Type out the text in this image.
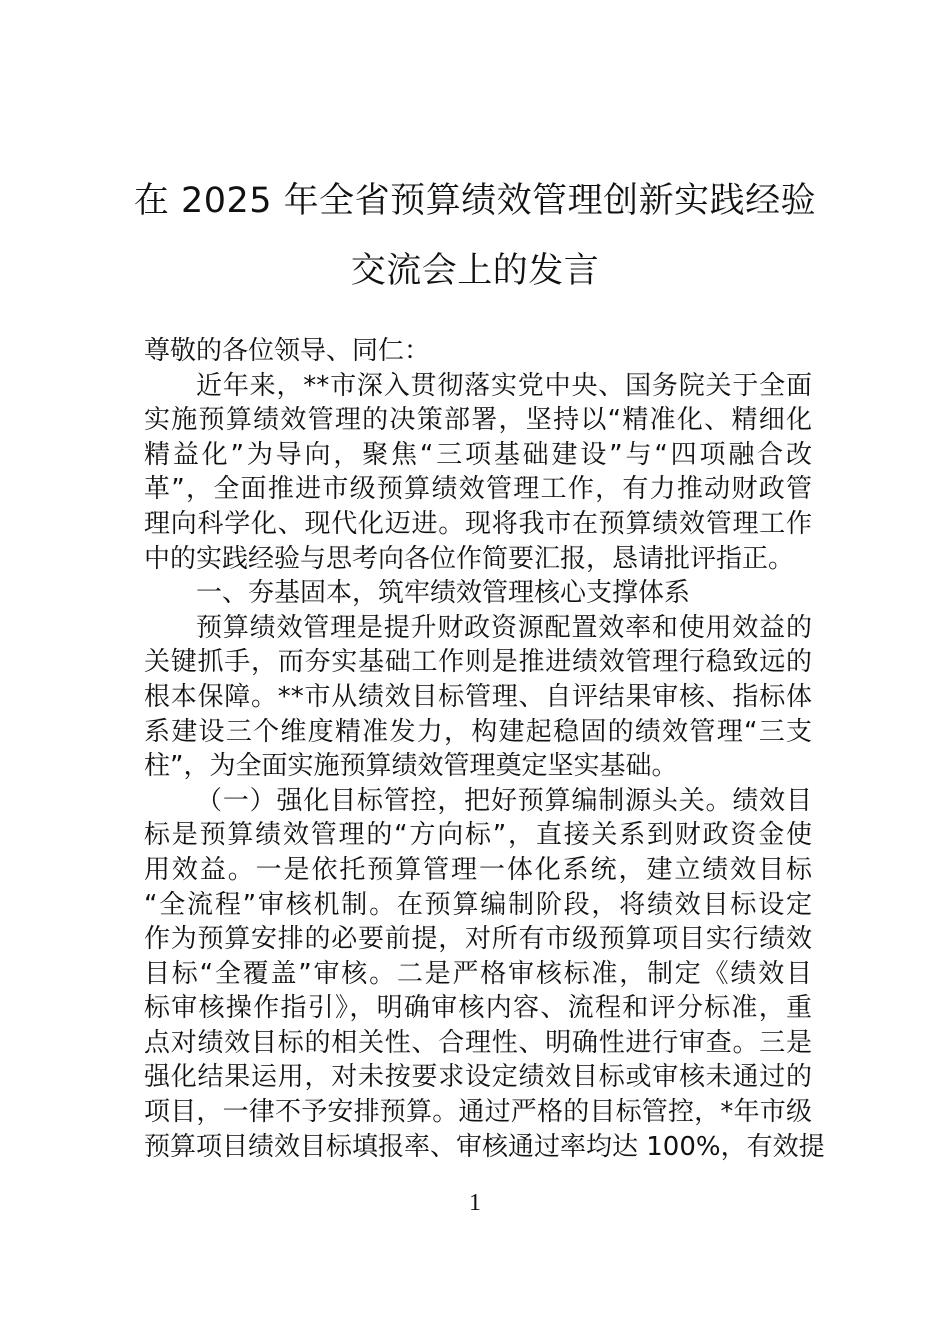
在 2025 年全省预算绩效管理创新实践经验
交流会上的发言
尊敬的各位领导、同仁：
近年来，**市深入贯彻落实党中央、国务院关于全面
实施预算绩效管理的决策部署，坚持以“精准化、精细化
精益化”为导向，聚焦“三项基础建设”与“四项融合改
革”，全面推进市级预算绩效管理工作，有力推动财政管
理向科学化、现代化迈进。现将我市在预算绩效管理工作
中的实践经验与思考向各位作简要汇报，恳请批评指正。
一、夯基固本，筑牢绩效管理核心支撑体系
预算绩效管理是提升财政资源配置效率和使用效益的
关键抓手，而夯实基础工作则是推进绩效管理行稳致远的
根本保障。**市从绩效目标管理、自评结果审核、指标体
系建设三个维度精准发力，构建起稳固的绩效管理“三支
柱”，为全面实施预算绩效管理奠定坚实基础。
（一）强化目标管控，把好预算编制源头关。绩效目
标是预算绩效管理的“方向标”，直接关系到财政资金使
用效益。一是依托预算管理一体化系统，建立绩效目标
“全流程”审核机制。在预算编制阶段，将绩效目标设定
作为预算安排的必要前提，对所有市级预算项目实行绩效
目标“全覆盖”审核。二是严格审核标准，制定《绩效目
标审核操作指引》，明确审核内容、流程和评分标准，重
点对绩效目标的相关性、合理性、明确性进行审查。三是
强化结果运用，对未按要求设定绩效目标或审核未通过的
项目，一律不予安排预算。通过严格的目标管控，*年市级
预算项目绩效目标填报率、审核通过率均达 100%，有效提
1
